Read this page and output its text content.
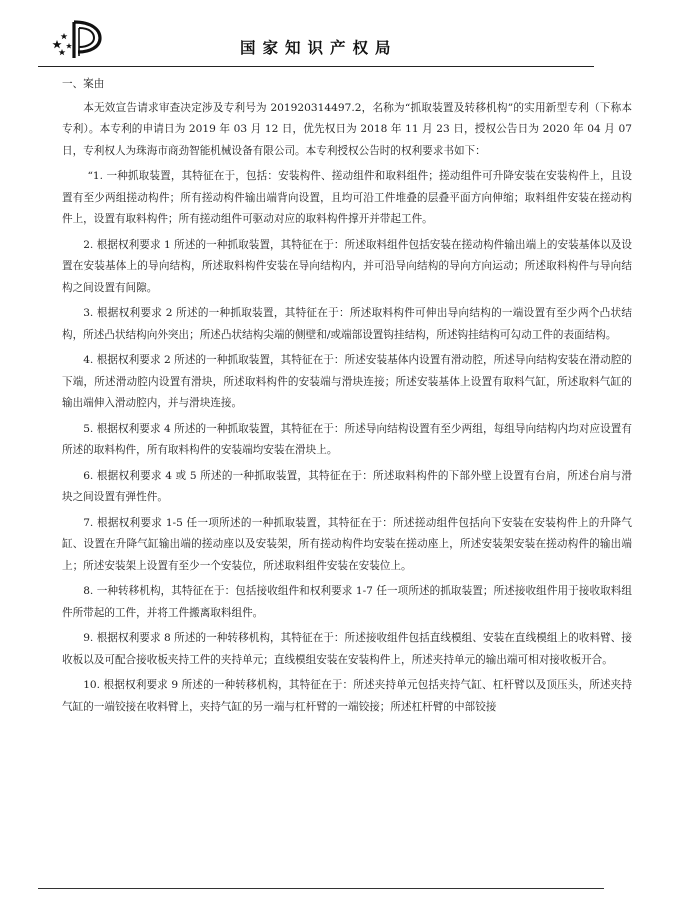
国家知识产权局

一、案由

本无效宣告请求审查决定涉及专利号为 201920314497.2，名称为“抓取装置及转移机构”的实用新型专利（下称本专利）。本专利的申请日为 2019 年 03 月 12 日，优先权日为 2018 年 11 月 23 日，授权公告日为 2020 年 04 月 07 日，专利权人为珠海市商劲智能机械设备有限公司。本专利授权公告时的权利要求书如下：

“1. 一种抓取装置，其特征在于，包括：安装构件、搓动组件和取料组件；搓动组件可升降安装在安装构件上，且设置有至少两组搓动构件；所有搓动构件输出端背向设置，且均可沿工件堆叠的层叠平面方向伸缩；取料组件安装在搓动构件上，设置有取料构件；所有搓动组件可驱动对应的取料构件撑开并带起工件。

2. 根据权利要求 1 所述的一种抓取装置，其特征在于：所述取料组件包括安装在搓动构件输出端上的安装基体以及设置在安装基体上的导向结构，所述取料构件安装在导向结构内，并可沿导向结构的导向方向运动；所述取料构件与导向结构之间设置有间隙。

3. 根据权利要求 2 所述的一种抓取装置，其特征在于：所述取料构件可伸出导向结构的一端设置有至少两个凸状结构，所述凸状结构向外突出；所述凸状结构尖端的侧壁和/或端部设置钩挂结构，所述钩挂结构可勾动工件的表面结构。

4. 根据权利要求 2 所述的一种抓取装置，其特征在于：所述安装基体内设置有滑动腔，所述导向结构安装在滑动腔的下端，所述滑动腔内设置有滑块，所述取料构件的安装端与滑块连接；所述安装基体上设置有取料气缸，所述取料气缸的输出端伸入滑动腔内，并与滑块连接。

5. 根据权利要求 4 所述的一种抓取装置，其特征在于：所述导向结构设置有至少两组，每组导向结构内均对应设置有所述的取料构件，所有取料构件的安装端均安装在滑块上。

6. 根据权利要求 4 或 5 所述的一种抓取装置，其特征在于：所述取料构件的下部外壁上设置有台肩，所述台肩与滑块之间设置有弹性件。

7. 根据权利要求 1-5 任一项所述的一种抓取装置，其特征在于：所述搓动组件包括向下安装在安装构件上的升降气缸、设置在升降气缸输出端的搓动座以及安装架，所有搓动构件均安装在搓动座上，所述安装架安装在搓动构件的输出端上；所述安装架上设置有至少一个安装位，所述取料组件安装在安装位上。

8. 一种转移机构，其特征在于：包括接收组件和权利要求 1-7 任一项所述的抓取装置；所述接收组件用于接收取料组件所带起的工件，并将工件搬离取料组件。

9. 根据权利要求 8 所述的一种转移机构，其特征在于：所述接收组件包括直线模组、安装在直线模组上的收料臂、接收板以及可配合接收板夹持工件的夹持单元；直线模组安装在安装构件上，所述夹持单元的输出端可相对接收板开合。

10. 根据权利要求 9 所述的一种转移机构，其特征在于：所述夹持单元包括夹持气缸、杠杆臂以及顶压头，所述夹持气缸的一端铰接在收料臂上，夹持气缸的另一端与杠杆臂的一端铰接；所述杠杆臂的中部铰接
